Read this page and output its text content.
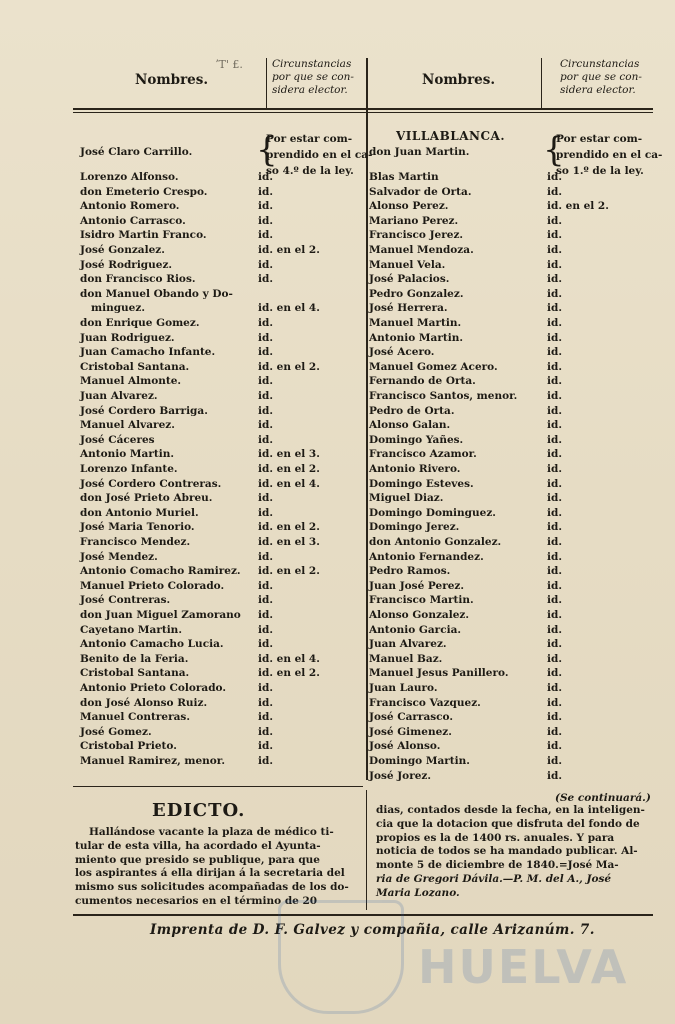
Nombres.
ʼT' £.	Circunstancias
por que se con-
sidera elector.
Nombres.
Circunstancias
por que se con-
sidera elector.
José Claro Carrillo. {
Por estar com-
prendido en el ca-
so 4.º de la ley.
Lorenzo Alfonso.	id.
don Emeterio Crespo.	id.
Antonio Romero.	id.
Antonio Carrasco.	id.
Isidro Martin Franco.	id.
José Gonzalez.	id. en el 2.
José Rodriguez.	id.
don Francisco Rios.	id.
don Manuel Obando y Do-
minguez.	id. en el 4.
don Enrique Gomez.	id.
Juan Rodriguez.	id.
Juan Camacho Infante.	id.
Cristobal Santana.	id. en el 2.
Manuel Almonte.	id.
Juan Alvarez.	id.
José Cordero Barriga.	id.
Manuel Alvarez.	id.
José Cáceres	id.
Antonio Martin.	id. en el 3.
Lorenzo Infante.	id. en el 2.
José Cordero Contreras.	id. en el 4.
don José Prieto Abreu.	id.
don Antonio Muriel.	id.
José Maria Tenorio.	id. en el 2.
Francisco Mendez.	id. en el 3.
José Mendez.	id.
Antonio Comacho Ramirez. id. en el 2.
Manuel Prieto Colorado.	id.
José Contreras.	id.
don Juan Miguel Zamorano id.
Cayetano Martin.	id.
Antonio Camacho Lucia.	id.
Benito de la Feria.	id. en el 4.
Cristobal Santana.	id. en el 2.
Antonio Prieto Colorado.	id.
don José Alonso Ruiz.	id.
Manuel Contreras.	id.
José Gomez.	id.
Cristobal Prieto.	id.
Manuel Ramirez, menor.	id.
VILLABLANCA.
don Juan Martin. {
Por estar com-
prendido en el ca-
so 1.º de la ley.
Blas Martin	id.
Salvador de Orta.	id.
Alonso Perez.	id. en el 2.
Mariano Perez.	id.
Francisco Jerez.	id.
Manuel Mendoza.	id.
Manuel Vela.	id.
José Palacios.	id.
Pedro Gonzalez.	id.
José Herrera.	id.
Manuel Martin.	id.
Antonio Martin.	id.
José Acero.	id.
Manuel Gomez Acero.	id.
Fernando de Orta.	id.
Francisco Santos, menor.	id.
Pedro de Orta.	id.
Alonso Galan.	id.
Domingo Yañes.	id.
Francisco Azamor.	id.
Antonio Rivero.	id.
Domingo Esteves.	id.
Miguel Diaz.	id.
Domingo Dominguez.	id.
Domingo Jerez.	id.
don Antonio Gonzalez.	id.
Antonio Fernandez.	id.
Pedro Ramos.	id.
Juan José Perez.	id.
Francisco Martin.	id.
Alonso Gonzalez.	id.
Antonio Garcia.	id.
Juan Alvarez.	id.
Manuel Baz.	id.
Manuel Jesus Panillero.	id.
Juan Lauro.	id.
Francisco Vazquez.	id.
José Carrasco.	id.
José Gimenez.	id.
José Alonso.	id.
Domingo Martin.	id.
José Jorez.	id.
(Se continuará.)
EDICTO.
Hallándose vacante la plaza de médico ti-
tular de esta villa, ha acordado el Ayunta-
miento que presido se publique, para que
los aspirantes á ella dirijan á la secretaria del
mismo sus solicitudes acompañadas de los do-
cumentos necesarios en el término de 20
dias, contados desde la fecha, en la inteligen-
cia que la dotacion que disfruta del fondo de
propios es la de 1400 rs. anuales. Y para
noticia de todos se ha mandado publicar. Al-
monte 5 de diciembre de 1840.=José Ma-
ria de Gregori Dávila.—P. M. del A., José
Maria Lozano.
Imprenta de D. F. Galvez y compañia, calle Arizanúm. 7.
HUELVA
